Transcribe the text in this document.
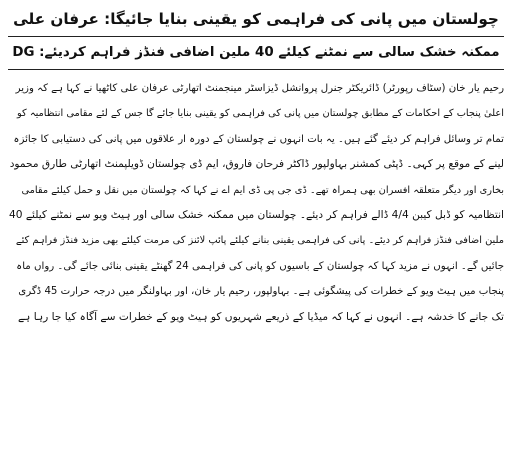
چولستان میں پانی کی فراہمی کو یقینی بنایا جائیگا: عرفان علی
ممکنہ خشک سالی سے نمٹنے کیلئے 40 ملین اضافی فنڈز فراہم کردیئے: DG
رحیم یار خان (سٹاف رپورٹر) ڈائریکٹر جنرل پروانشل ڈیزاسٹر مینجمنٹ اتھارٹی عرفان علی کاٹھیا نے کہا ہے کہ وزیر
اعلیٰ پنجاب کے احکامات کے مطابق چولستان میں پانی کی فراہمی کو یقینی بنایا جائے گا جس کے لئے مقامی انتظامیہ کو
تمام تر وسائل فراہم کر دیئے گئے ہیں۔ یہ بات انہوں نے چولستان کے دورہ ار علاقوں میں پانی کی دستیابی کا جائزہ
لینے کے موقع پر کہی۔ ڈپٹی کمشنر بہاولپور ڈاکٹر فرحان فاروق، ایم ڈی چولستان ڈویلپمنٹ اتھارٹی طارق محمود
بخاری اور دیگر متعلقہ افسران بھی ہمراہ تھے۔ ڈی جی پی ڈی ایم اے نے کہا کہ چولستان میں نقل و حمل کیلئے مقامی
انتظامیہ کو ڈبل کیبن 4/4 ڈالے فراہم کر دیئے۔ چولستان میں ممکنہ خشک سالی اور ہیٹ ویو سے نمٹنے کیلئے 40
ملین اضافی فنڈز فراہم کر دیئے۔ پانی کی فراہمی یقینی بنانے کیلئے پائپ لائنز کی مرمت کیلئے بھی مزید فنڈز فراہم کئے
جائیں گے۔ انہوں نے مزید کہا کہ چولستان کے باسیوں کو پانی کی فراہمی 24 گھنٹے یقینی بنائی جائے گی۔ رواں ماہ
پنجاب میں ہیٹ ویو کے خطرات کی پیشگوئی ہے۔ بہاولپور، رحیم یار خان، اور بہاولنگر میں درجہ حرارت 45 ڈگری
تک جانے کا خدشہ ہے۔ انہوں نے کہا کہ میڈیا کے ذریعے شہریوں کو ہیٹ ویو کے خطرات سے آگاہ کیا جا رہا ہے
